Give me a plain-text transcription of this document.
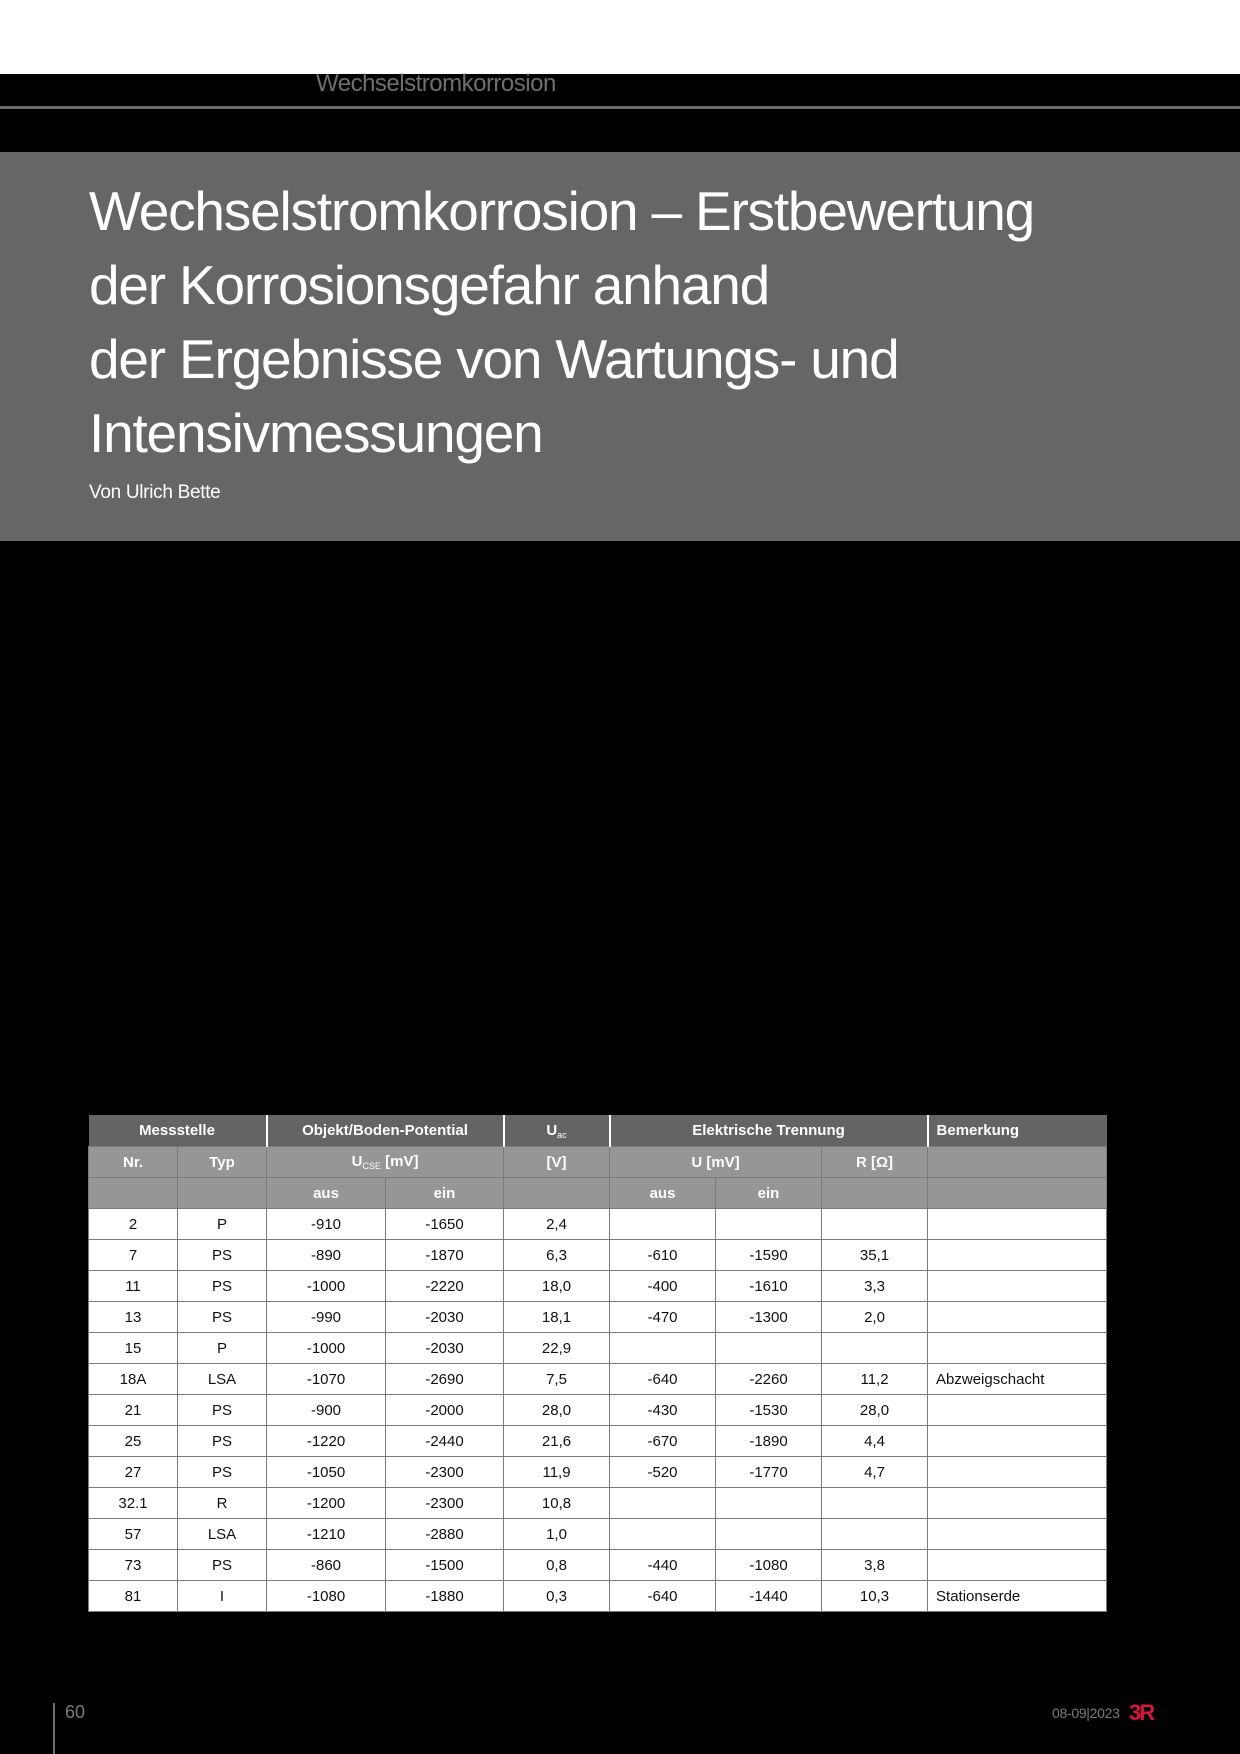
Wechselstromkorrosion
Wechselstromkorrosion – Erstbewertung
der Korrosionsgefahr anhand
der Ergebnisse von Wartungs- und
Intensivmessungen
Von Ulrich Bette
Messstelle		Objekt/Boden-Potential		$U_{ac}$	Elektrische Trennung			Bemerkung
Nr.	Typ	$U_{CSE}$ [mV]		[V]	U [mV]		R [Ω]	
		aus	ein		aus	ein		
2	P	-910	-1650	2,4				
7	PS	-890	-1870	6,3	-610	-1590	35,1	
11	PS	-1000	-2220	18,0	-400	-1610	3,3	
13	PS	-990	-2030	18,1	-470	-1300	2,0	
15	P	-1000	-2030	22,9				
18A	LSA	-1070	-2690	7,5	-640	-2260	11,2	Abzweigschacht
21	PS	-900	-2000	28,0	-430	-1530	28,0	
25	PS	-1220	-2440	21,6	-670	-1890	4,4	
27	PS	-1050	-2300	11,9	-520	-1770	4,7	
32.1	R	-1200	-2300	10,8				
57	LSA	-1210	-2880	1,0				
73	PS	-860	-1500	0,8	-440	-1080	3,8	
81	I	-1080	-1880	0,3	-640	-1440	10,3	Stationserde
60	08-09|2023 3R
